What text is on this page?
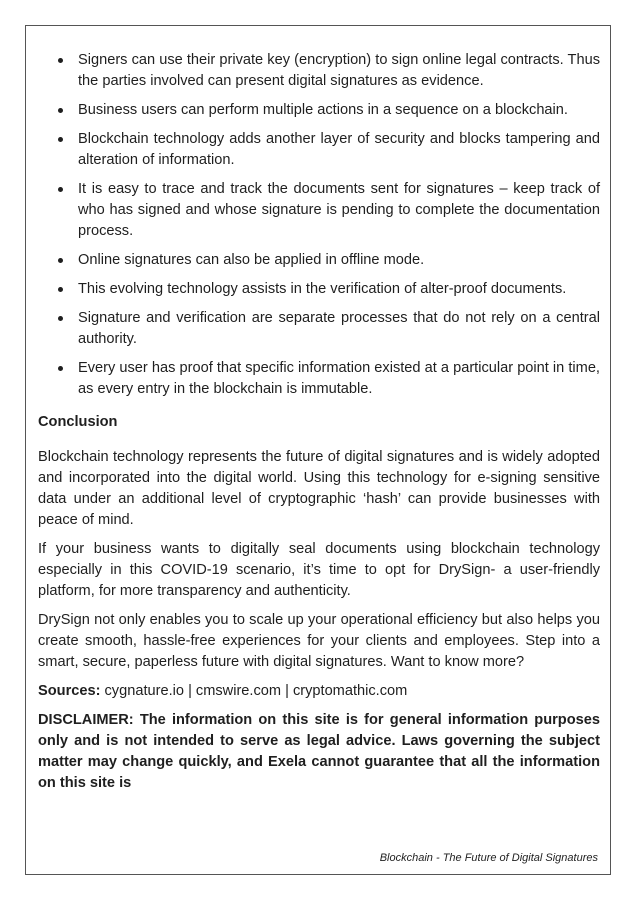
Signers can use their private key (encryption) to sign online legal contracts. Thus the parties involved can present digital signatures as evidence.
Business users can perform multiple actions in a sequence on a blockchain.
Blockchain technology adds another layer of security and blocks tampering and alteration of information.
It is easy to trace and track the documents sent for signatures – keep track of who has signed and whose signature is pending to complete the documentation process.
Online signatures can also be applied in offline mode.
This evolving technology assists in the verification of alter-proof documents.
Signature and verification are separate processes that do not rely on a central authority.
Every user has proof that specific information existed at a particular point in time, as every entry in the blockchain is immutable.
Conclusion

Blockchain technology represents the future of digital signatures and is widely adopted and incorporated into the digital world. Using this technology for e-signing sensitive data under an additional level of cryptographic ‘hash’ can provide businesses with peace of mind.

If your business wants to digitally seal documents using blockchain technology especially in this COVID-19 scenario, it’s time to opt for DrySign- a user-friendly platform, for more transparency and authenticity.

DrySign not only enables you to scale up your operational efficiency but also helps you create smooth, hassle-free experiences for your clients and employees. Step into a smart, secure, paperless future with digital signatures. Want to know more?

Sources: cygnature.io | cmswire.com | cryptomathic.com

DISCLAIMER: The information on this site is for general information purposes only and is not intended to serve as legal advice. Laws governing the subject matter may change quickly, and Exela cannot guarantee that all the information on this site is

Blockchain - The Future of Digital Signatures
